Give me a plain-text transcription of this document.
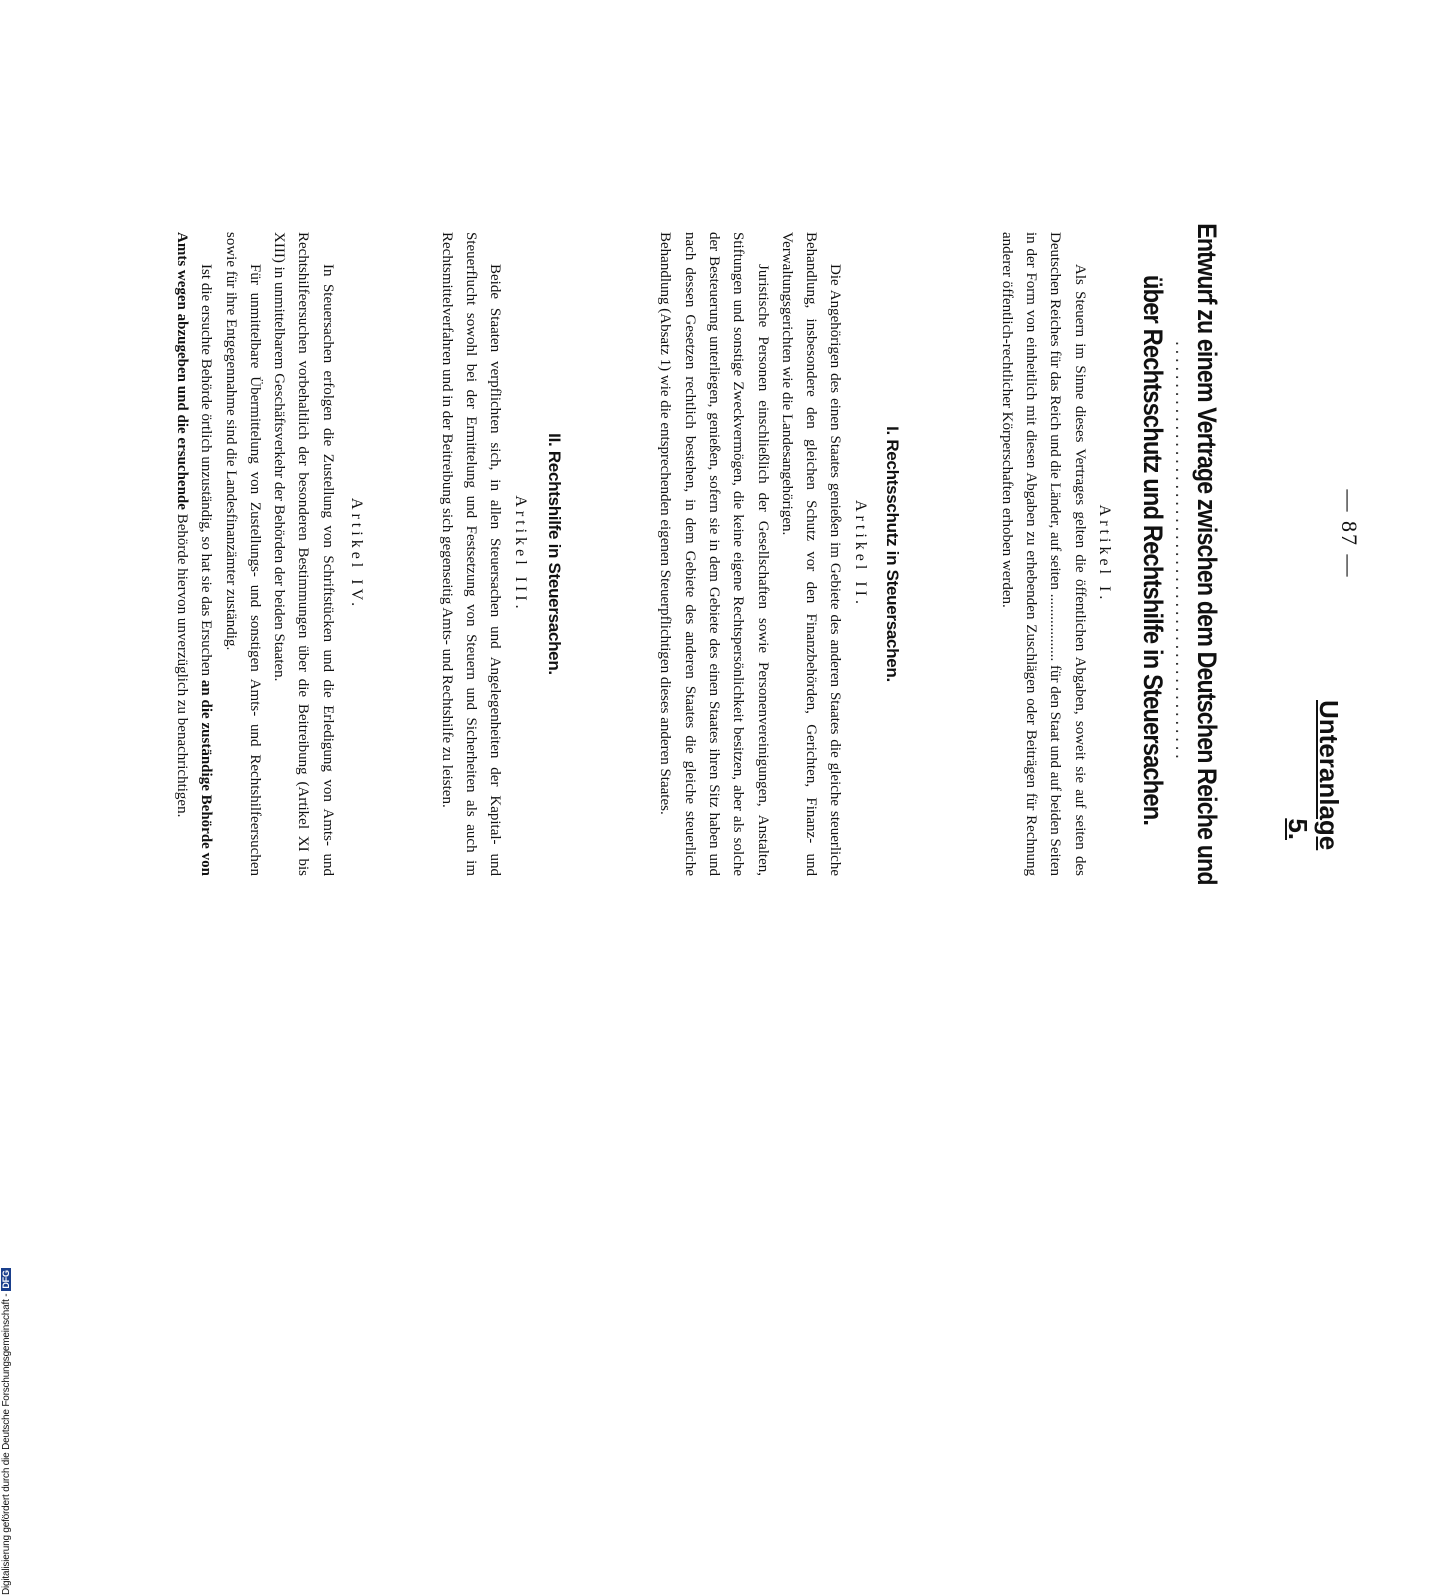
— 87 —
Unteranlage 5.
Entwurf zu einem Vertrage zwischen dem Deutschen Reiche und
..................................................
über Rechtsschutz und Rechtshilfe in Steuersachen.

Artikel I.

Als Steuern im Sinne dieses Vertrages gelten die öffentlichen Abgaben, soweit sie auf seiten des Deutschen Reiches für das Reich und die Länder, auf seiten .................. für den Staat und auf beiden Seiten in der Form von einheitlich mit diesen Abgaben zu erhebenden Zuschlägen oder Beiträgen für Rechnung anderer öffentlich-rechtlicher Körperschaften erhoben werden.

I. Rechtsschutz in Steuersachen.

Artikel II.

Die Angehörigen des einen Staates genießen im Gebiete des anderen Staates die gleiche steuerliche Behandlung, insbesondere den gleichen Schutz vor den Finanzbehörden, Gerichten, Finanz- und Verwaltungsgerichten wie die Landesangehörigen.

Juristische Personen einschließlich der Gesellschaften sowie Personenvereinigungen, Anstalten, Stiftungen und sonstige Zweckvermögen, die keine eigene Rechtspersönlichkeit besitzen, aber als solche der Besteuerung unterliegen, genießen, sofern sie in dem Gebiete des einen Staates ihren Sitz haben und nach dessen Gesetzen rechtlich bestehen, in dem Gebiete des anderen Staates die gleiche steuerliche Behandlung (Absatz 1) wie die entsprechenden eigenen Steuerpflichtigen dieses anderen Staates.

II. Rechtshilfe in Steuersachen.

Artikel III.

Beide Staaten verpflichten sich, in allen Steuersachen und Angelegenheiten der Kapital- und Steuerflucht sowohl bei der Ermittelung und Festsetzung von Steuern und Sicherheiten als auch im Rechtsmittelverfahren und in der Beitreibung sich gegenseitig Amts- und Rechtshilfe zu leisten.

Artikel IV.

In Steuersachen erfolgen die Zustellung von Schriftstücken und die Erledigung von Amts- und Rechtshilfeersuchen vorbehaltlich der besonderen Bestimmungen über die Beitreibung (Artikel XI bis XIII) in unmittelbarem Geschäftsverkehr der Behörden der beiden Staaten.

Für unmittelbare Übermittelung von Zustellungs- und sonstigen Amts- und Rechtshilfeersuchen sowie für ihre Entgegennahme sind die Landesfinanzämter zuständig.

Ist die ersuchte Behörde örtlich unzuständig, so hat sie das Ersuchen an die zuständige Behörde von Amts wegen abzugeben und die ersuchende Behörde hiervon unverzüglich zu benachrichtigen.

Digitalisierung gefördert durch die Deutsche Forschungsgemeinschaft -DFG
